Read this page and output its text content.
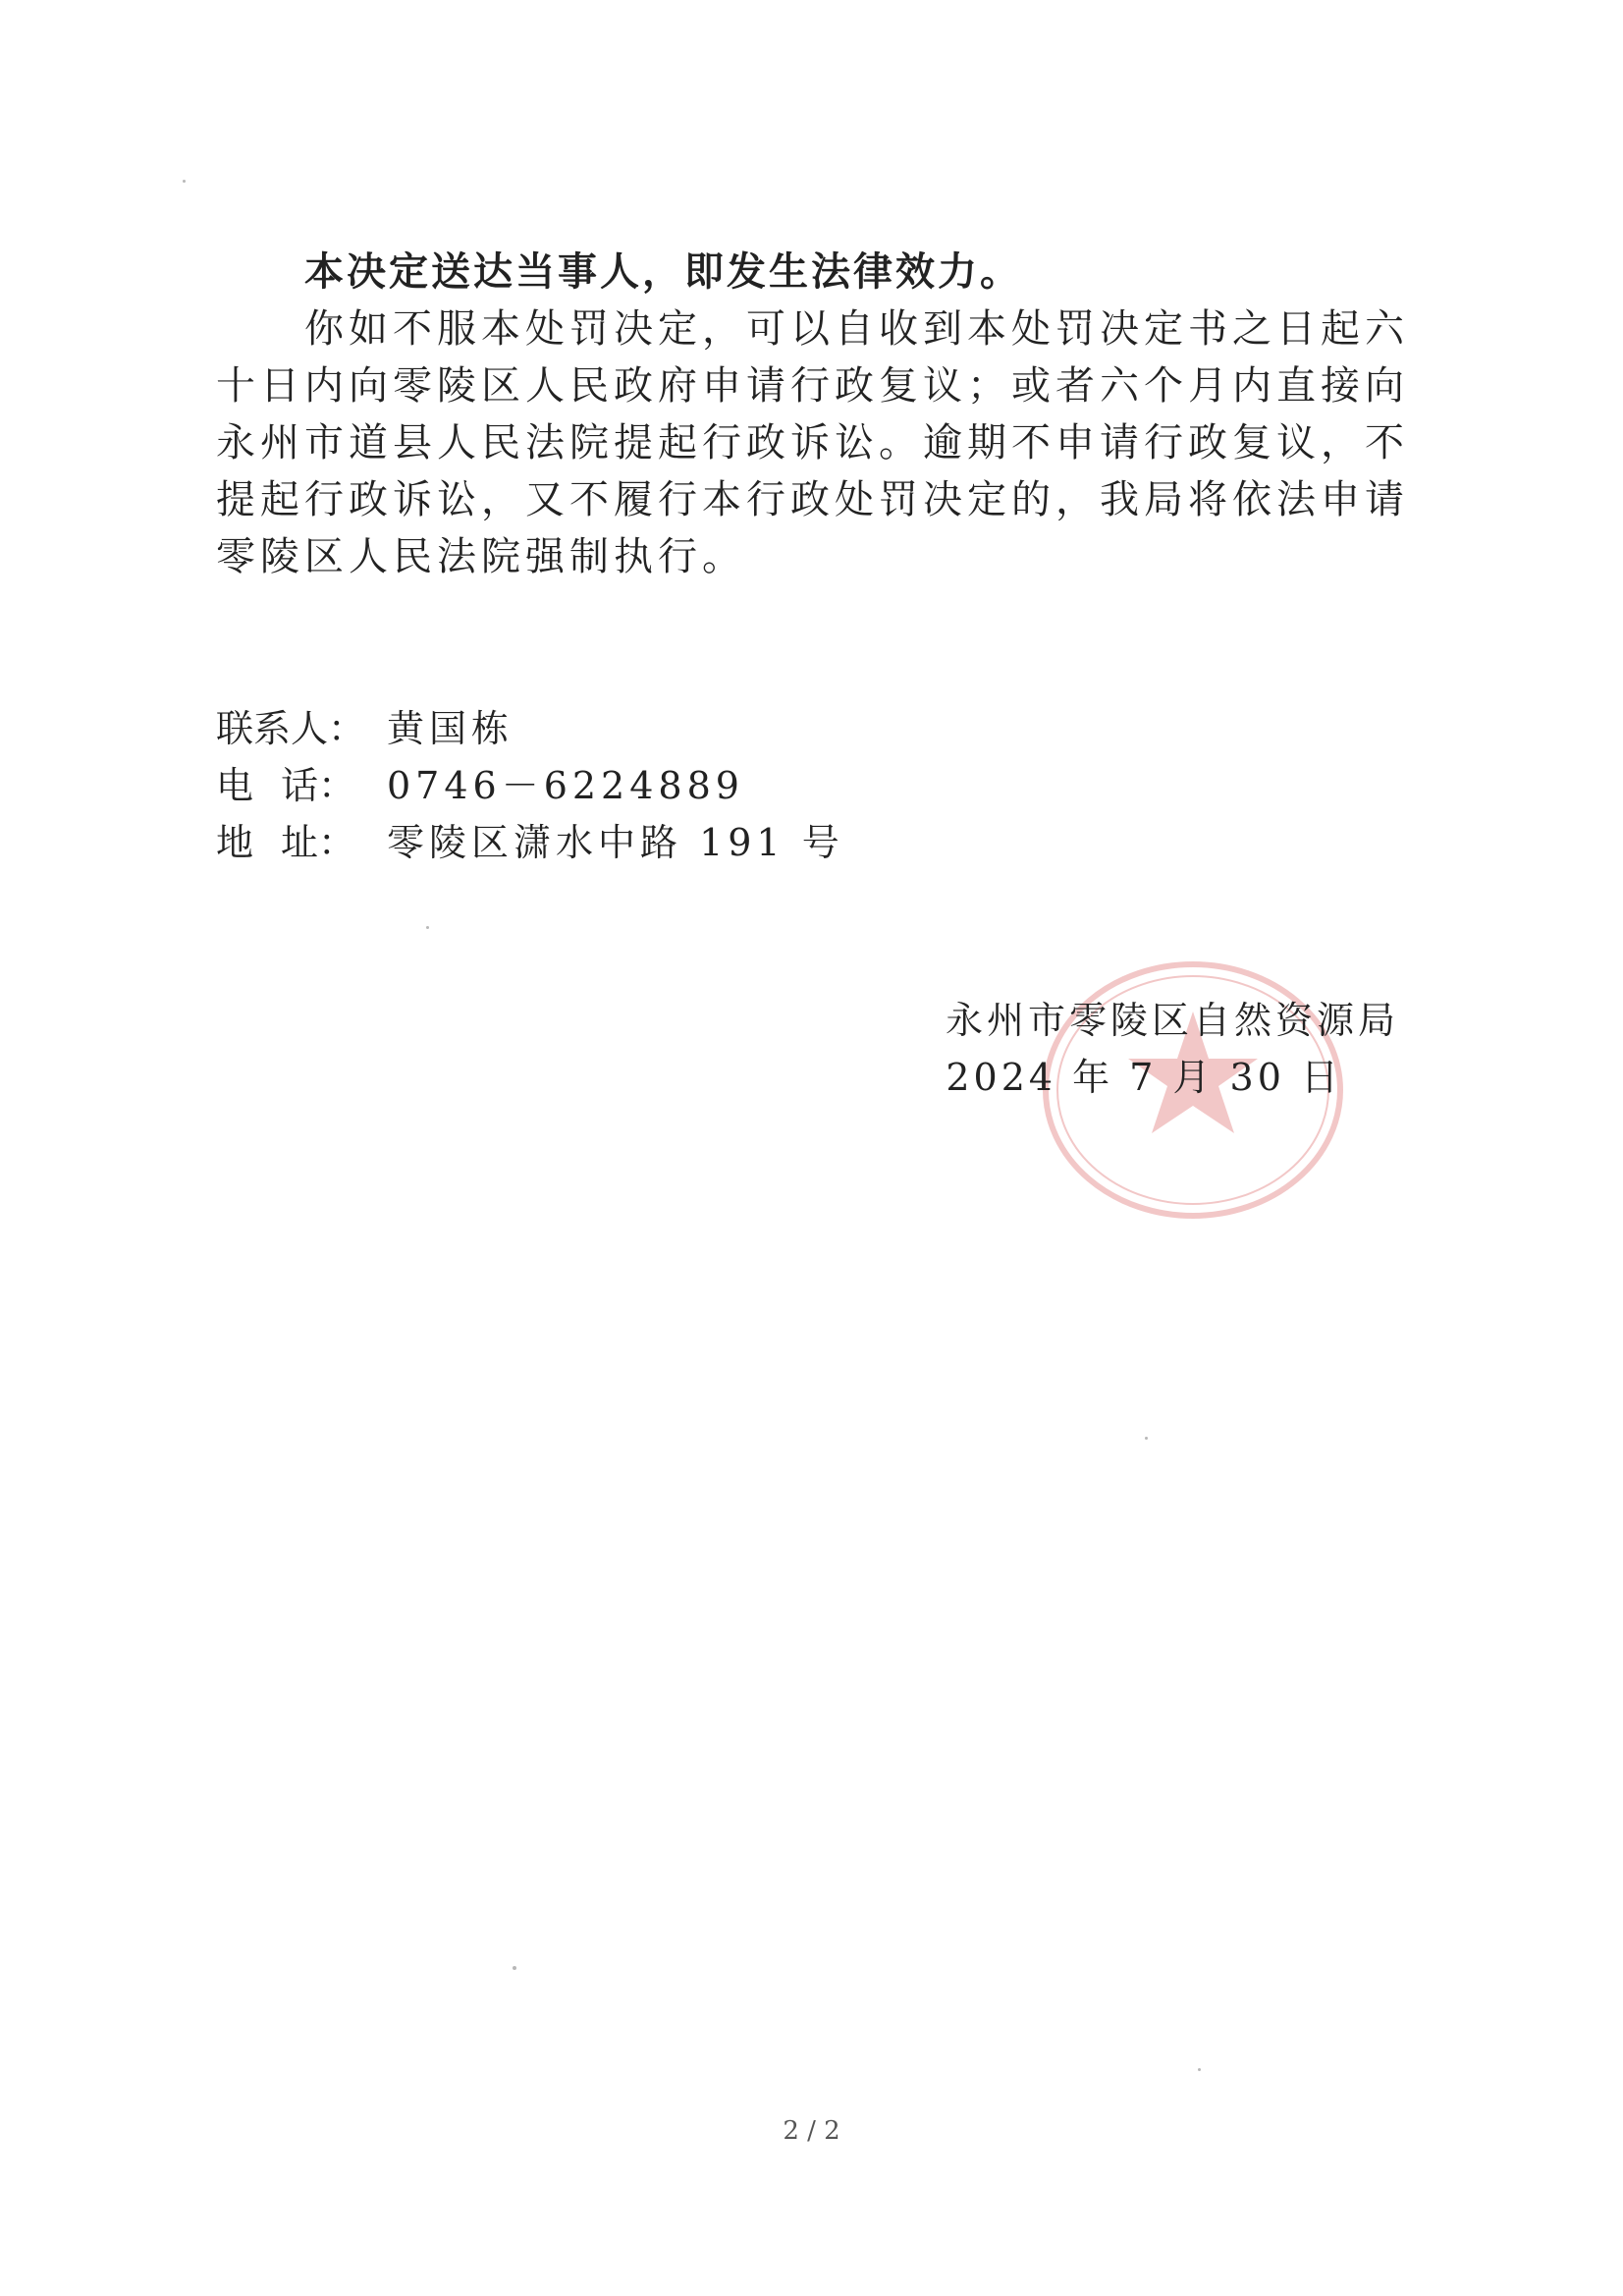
本决定送达当事人，即发生法律效力。

你如不服本处罚决定，可以自收到本处罚决定书之日起六十日内向零陵区人民政府申请行政复议；或者六个月内直接向永州市道县人民法院提起行政诉讼。逾期不申请行政复议，不提起行政诉讼，又不履行本行政处罚决定的，我局将依法申请零陵区人民法院强制执行。

联系人： 黄国栋
电 话： 0746－6224889
地 址： 零陵区潇水中路 191 号
永州市零陵区自然资源局
2024 年 7 月 30 日
2 / 2
